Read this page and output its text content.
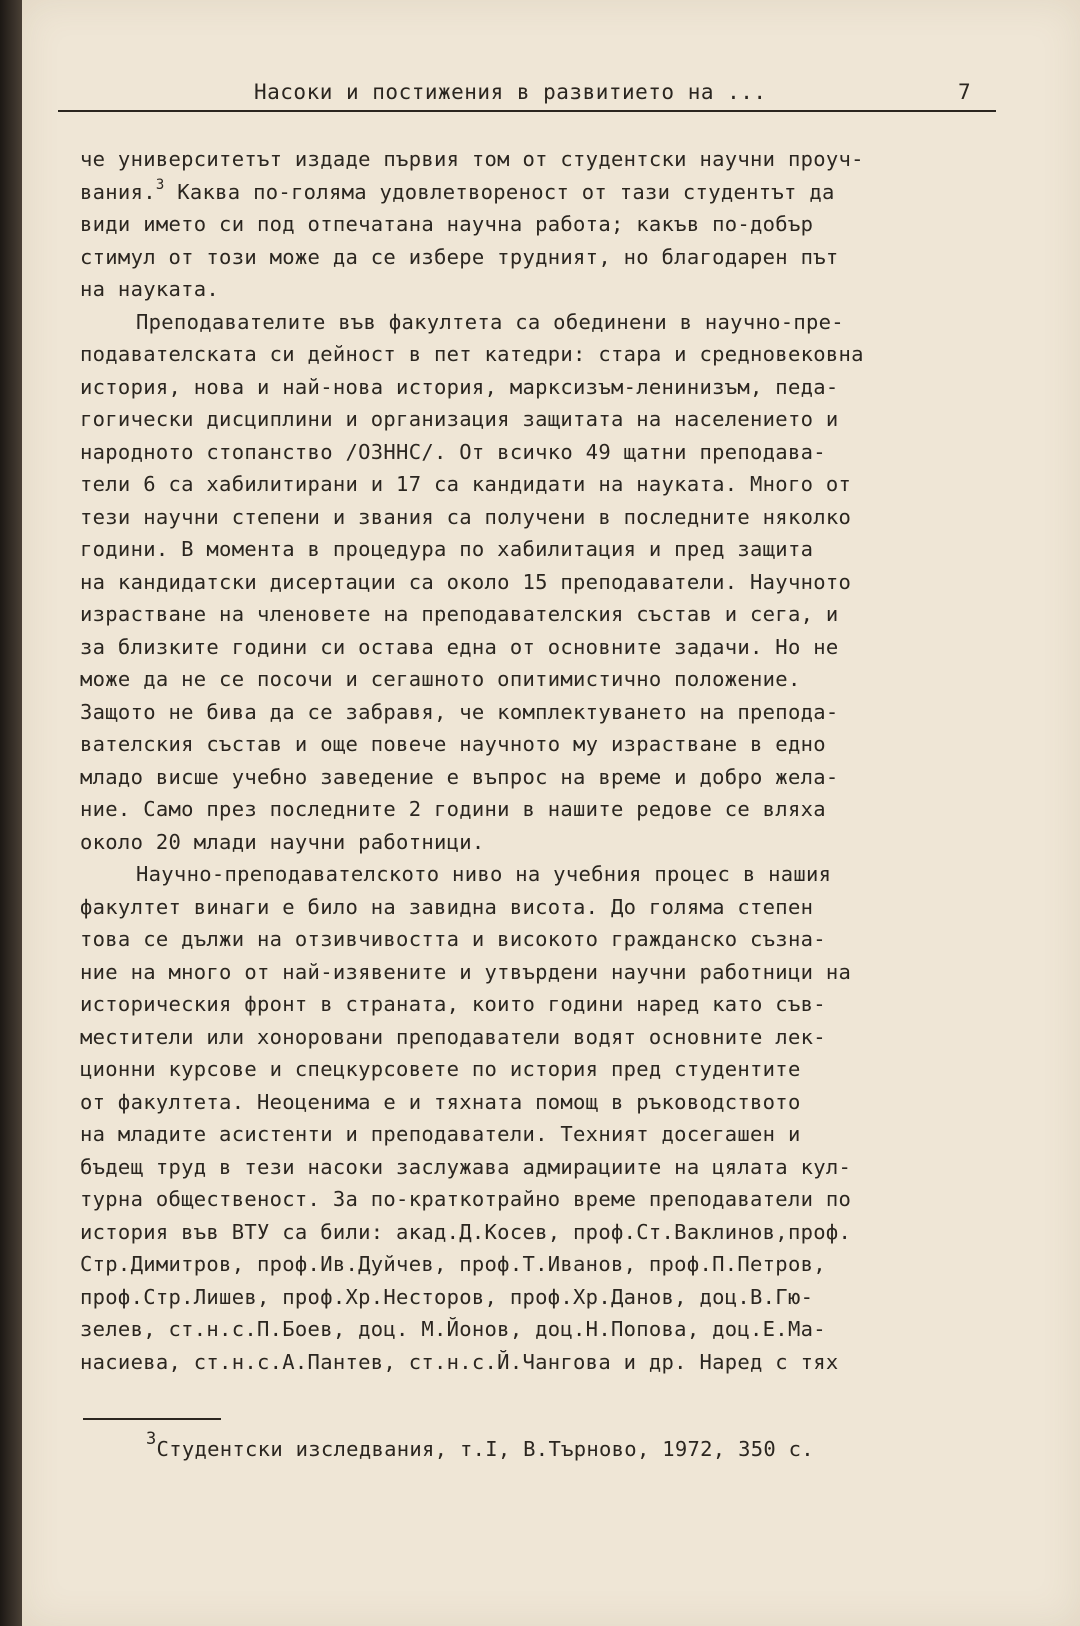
Насоки и постижения в развитието на ...	7
че университетът издаде първия том от студентски научни проуч-
вания.$^3$ Каква по-голяма удовлетвореност от тази студентът да
види името си под отпечатана научна работа; какъв по-добър
стимул от този може да се избере трудният, но благодарен път
на науката.
Преподавателите във факултета са обединени в научно-пре-
подавателската си дейност в пет катедри: стара и средновековна
история, нова и най-нова история, марксизъм-ленинизъм, педа-
гогически дисциплини и организация защитата на населението и
народното стопанство /ОЗННС/. От всичко 49 щатни преподава-
тели 6 са хабилитирани и 17 са кандидати на науката. Много от
тези научни степени и звания са получени в последните няколко
години. В момента в процедура по хабилитация и пред защита
на кандидатски дисертации са около 15 преподаватели. Научното
израстване на членовете на преподавателския състав и сега, и
за близките години си остава една от основните задачи. Но не
може да не се посочи и сегашното опитимистично положение.
Защото не бива да се забравя, че комплектуването на препода-
вателския състав и още повече научното му израстване в едно
младо висше учебно заведение е въпрос на време и добро жела-
ние. Само през последните 2 години в нашите редове се вляха
около 20 млади научни работници.
Научно-преподавателското ниво на учебния процес в нашия
факултет винаги е било на завидна висота. До голяма степен
това се дължи на отзивчивостта и високото гражданско съзна-
ние на много от най-изявените и утвърдени научни работници на
историческия фронт в страната, които години наред като съв-
местители или хоноровани преподаватели водят основните лек-
ционни курсове и спецкурсовете по история пред студентите
от факултета. Неоценима е и тяхната помощ в ръководството
на младите асистенти и преподаватели. Техният досегашен и
бъдещ труд в тези насоки заслужава адмирациите на цялата кул-
турна общественост. За по-краткотрайно време преподаватели по
история във ВТУ са били: акад.Д.Косев, проф.Ст.Ваклинов,проф.
Стр.Димитров, проф.Ив.Дуйчев, проф.Т.Иванов, проф.П.Петров,
проф.Стр.Лишев, проф.Хр.Несторов, проф.Хр.Данов, доц.В.Гю-
зелев, ст.н.с.П.Боев, доц. М.Йонов, доц.Н.Попова, доц.Е.Ма-
насиева, ст.н.с.А.Пантев, ст.н.с.Й.Чангова и др. Наред с тях
$^3$Студентски изследвания, т.I, В.Търново, 1972, 350 с.
